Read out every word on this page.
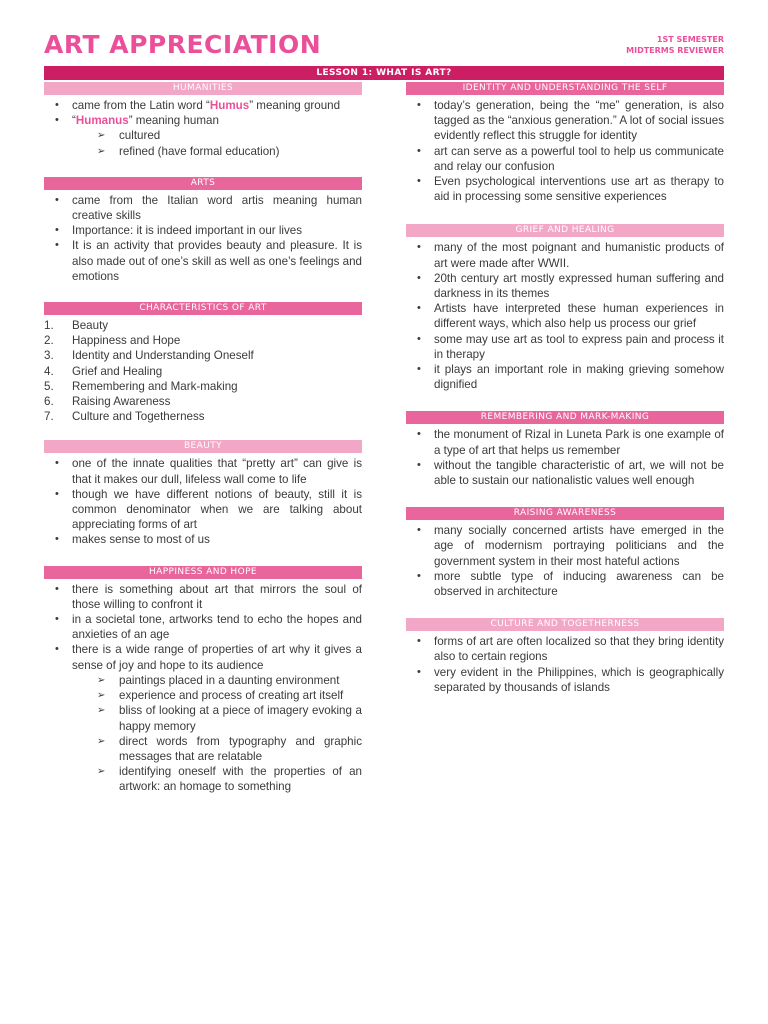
ART APPRECIATION	1ST SEMESTER
MIDTERMS REVIEWER
LESSON 1: WHAT IS ART?
HUMANITIES
• came from the Latin word “Humus” meaning ground
• “Humanus” meaning human
➢ cultured
➢ refined (have formal education)
ARTS
• came from the Italian word artis meaning human creative skills
• Importance: it is indeed important in our lives
• It is an activity that provides beauty and pleasure. It is also made out of one’s skill as well as one’s feelings and emotions
CHARACTERISTICS OF ART
1. Beauty
2. Happiness and Hope
3. Identity and Understanding Oneself
4. Grief and Healing
5. Remembering and Mark-making
6. Raising Awareness
7. Culture and Togetherness
BEAUTY
• one of the innate qualities that “pretty art” can give is that it makes our dull, lifeless wall come to life
• though we have different notions of beauty, still it is common denominator when we are talking about appreciating forms of art
• makes sense to most of us
HAPPINESS AND HOPE
• there is something about art that mirrors the soul of those willing to confront it
• in a societal tone, artworks tend to echo the hopes and anxieties of an age
• there is a wide range of properties of art why it gives a sense of joy and hope to its audience
➢ paintings placed in a daunting environment
➢ experience and process of creating art itself
➢ bliss of looking at a piece of imagery evoking a happy memory
➢ direct words from typography and graphic messages that are relatable
➢ identifying oneself with the properties of an artwork: an homage to something
IDENTITY AND UNDERSTANDING THE SELF
• today’s generation, being the “me” generation, is also tagged as the “anxious generation.” A lot of social issues evidently reflect this struggle for identity
• art can serve as a powerful tool to help us communicate and relay our confusion
• Even psychological interventions use art as therapy to aid in processing some sensitive experiences
GRIEF AND HEALING
• many of the most poignant and humanistic products of art were made after WWII.
• 20th century art mostly expressed human suffering and darkness in its themes
• Artists have interpreted these human experiences in different ways, which also help us process our grief
• some may use art as tool to express pain and process it in therapy
• it plays an important role in making grieving somehow dignified
REMEMBERING AND MARK-MAKING
• the monument of Rizal in Luneta Park is one example of a type of art that helps us remember
• without the tangible characteristic of art, we will not be able to sustain our nationalistic values well enough
RAISING AWARENESS
• many socially concerned artists have emerged in the age of modernism portraying politicians and the government system in their most hateful actions
• more subtle type of inducing awareness can be observed in architecture
CULTURE AND TOGETHERNESS
• forms of art are often localized so that they bring identity also to certain regions
• very evident in the Philippines, which is geographically separated by thousands of islands
